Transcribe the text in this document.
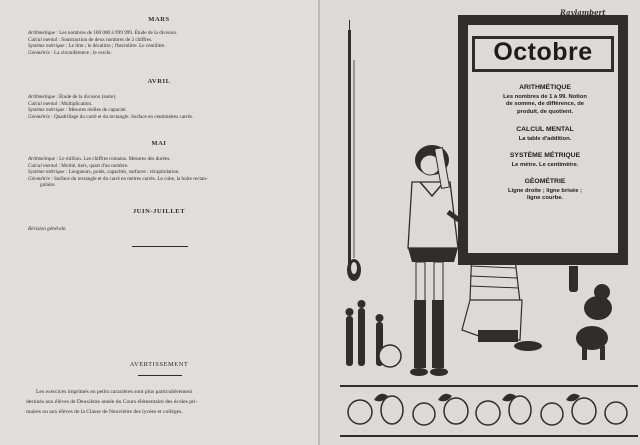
MARS
Arithmétique : Les nombres de 100 000 à 999 999. Étude de la division.
Calcul mental : Soustraction de deux nombres de 2 chiffres.
Système métrique : Le litre ; le décalitre ; l'hectolitre. Le centilitre.
Géométrie : La circonférence ; le cercle.
AVRIL
Arithmétique : Étude de la division (suite).
Calcul mental : Multiplication.
Système métrique : Mesures réelles de capacité.
Géométrie : Quadrillage du carré et du rectangle. Surface en centimètres carrés.
MAI
Arithmétique : Le million. Les chiffres romains. Mesures des durées.
Calcul mental : Moitié, tiers, quart d'un nombre.
Système métrique : Longueurs, poids, capacités, surfaces : récapitulation.
Géométrie : Surface du rectangle et du carré en mètres carrés. Le cube, la boîte rectan-
gulaire.
JUIN-JUILLET
Révision générale.
AVERTISSEMENT
Les exercices imprimés en petits caractères sont plus particulièrement
destinés aux élèves de Deuxième année du Cours élémentaire des écoles pri-
maires ou aux élèves de la Classe de Neuvième des lycées et collèges.
Octobre
Raylambert
ARITHMÉTIQUE
Les nombres de 1 à 99. Notion
de somme, de différence, de
produit, de quotient.
CALCUL MENTAL
La table d'addition.
SYSTÈME MÉTRIQUE
Le mètre. Le centimètre.
GÉOMÉTRIE
Ligne droite ; ligne brisée ;
ligne courbe.
